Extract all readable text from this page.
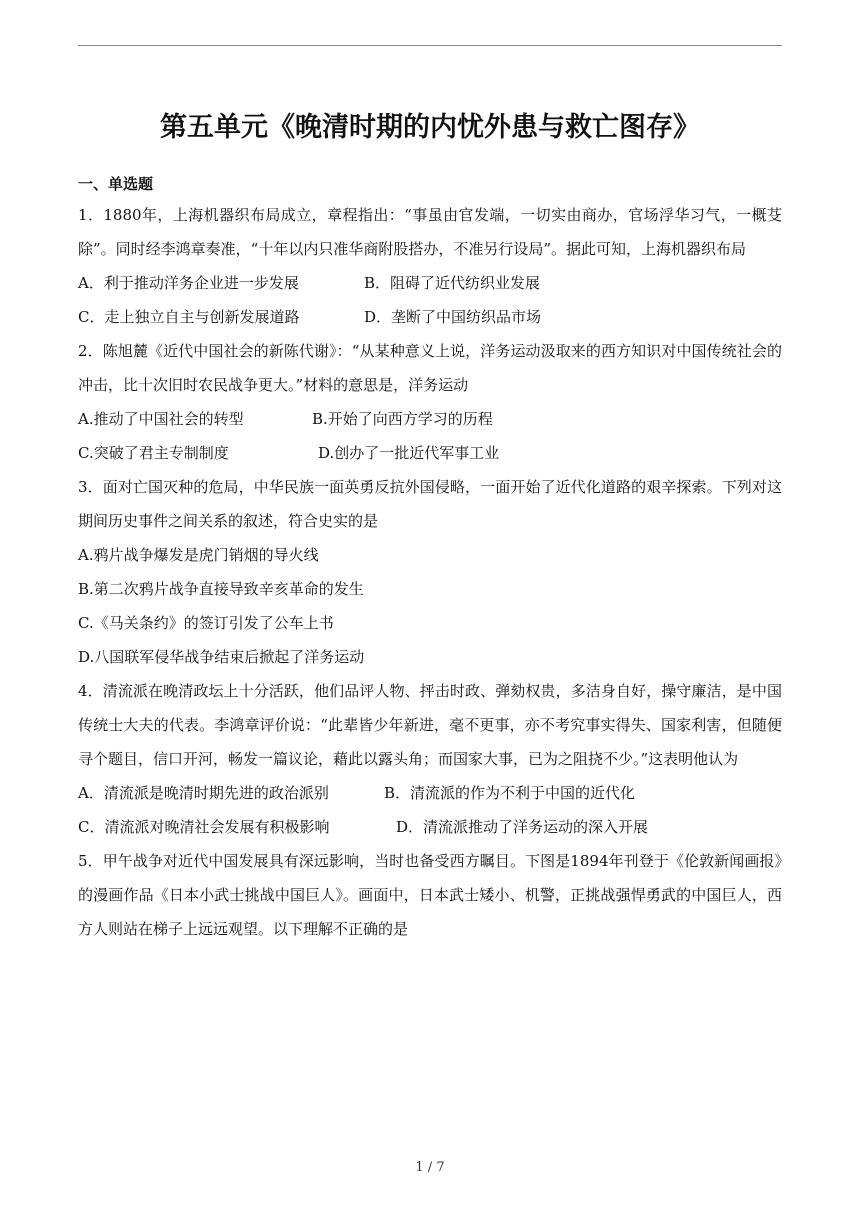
第五单元《晚清时期的内忧外患与救亡图存》
一、单选题

1．1880年，上海机器织布局成立，章程指出：“事虽由官发端，一切实由商办，官场浮华习气，一概芟除”。同时经李鸿章奏准，“十年以内只准华商附股搭办，不准另行设局”。据此可知，上海机器织布局

A．利于推动洋务企业进一步发展	B．阻碍了近代纺织业发展
C．走上独立自主与创新发展道路	D．垄断了中国纺织品市场

2．陈旭麓《近代中国社会的新陈代谢》：“从某种意义上说，洋务运动汲取来的西方知识对中国传统社会的冲击，比十次旧时农民战争更大。”材料的意思是，洋务运动

A.推动了中国社会的转型	B.开始了向西方学习的历程
C.突破了君主专制制度	D.创办了一批近代军事工业

3．面对亡国灭种的危局，中华民族一面英勇反抗外国侵略，一面开始了近代化道路的艰辛探索。下列对这期间历史事件之间关系的叙述，符合史实的是

A.鸦片战争爆发是虎门销烟的导火线
B.第二次鸦片战争直接导致辛亥革命的发生
C.《马关条约》的签订引发了公车上书
D.八国联军侵华战争结束后掀起了洋务运动

4．清流派在晚清政坛上十分活跃，他们品评人物、抨击时政、弹劾权贵，多洁身自好，操守廉洁，是中国传统士大夫的代表。李鸿章评价说：“此辈皆少年新进，毫不更事，亦不考究事实得失、国家利害，但随便寻个题目，信口开河，畅发一篇议论，藉此以露头角；而国家大事，已为之阻挠不少。”这表明他认为

A．清流派是晚清时期先进的政治派别	B．清流派的作为不利于中国的近代化
C．清流派对晚清社会发展有积极影响	D．清流派推动了洋务运动的深入开展

5．甲午战争对近代中国发展具有深远影响，当时也备受西方瞩目。下图是1894年刊登于《伦敦新闻画报》的漫画作品《日本小武士挑战中国巨人》。画面中，日本武士矮小、机警，正挑战强悍勇武的中国巨人，西方人则站在梯子上远远观望。以下理解不正确的是

1 / 7
